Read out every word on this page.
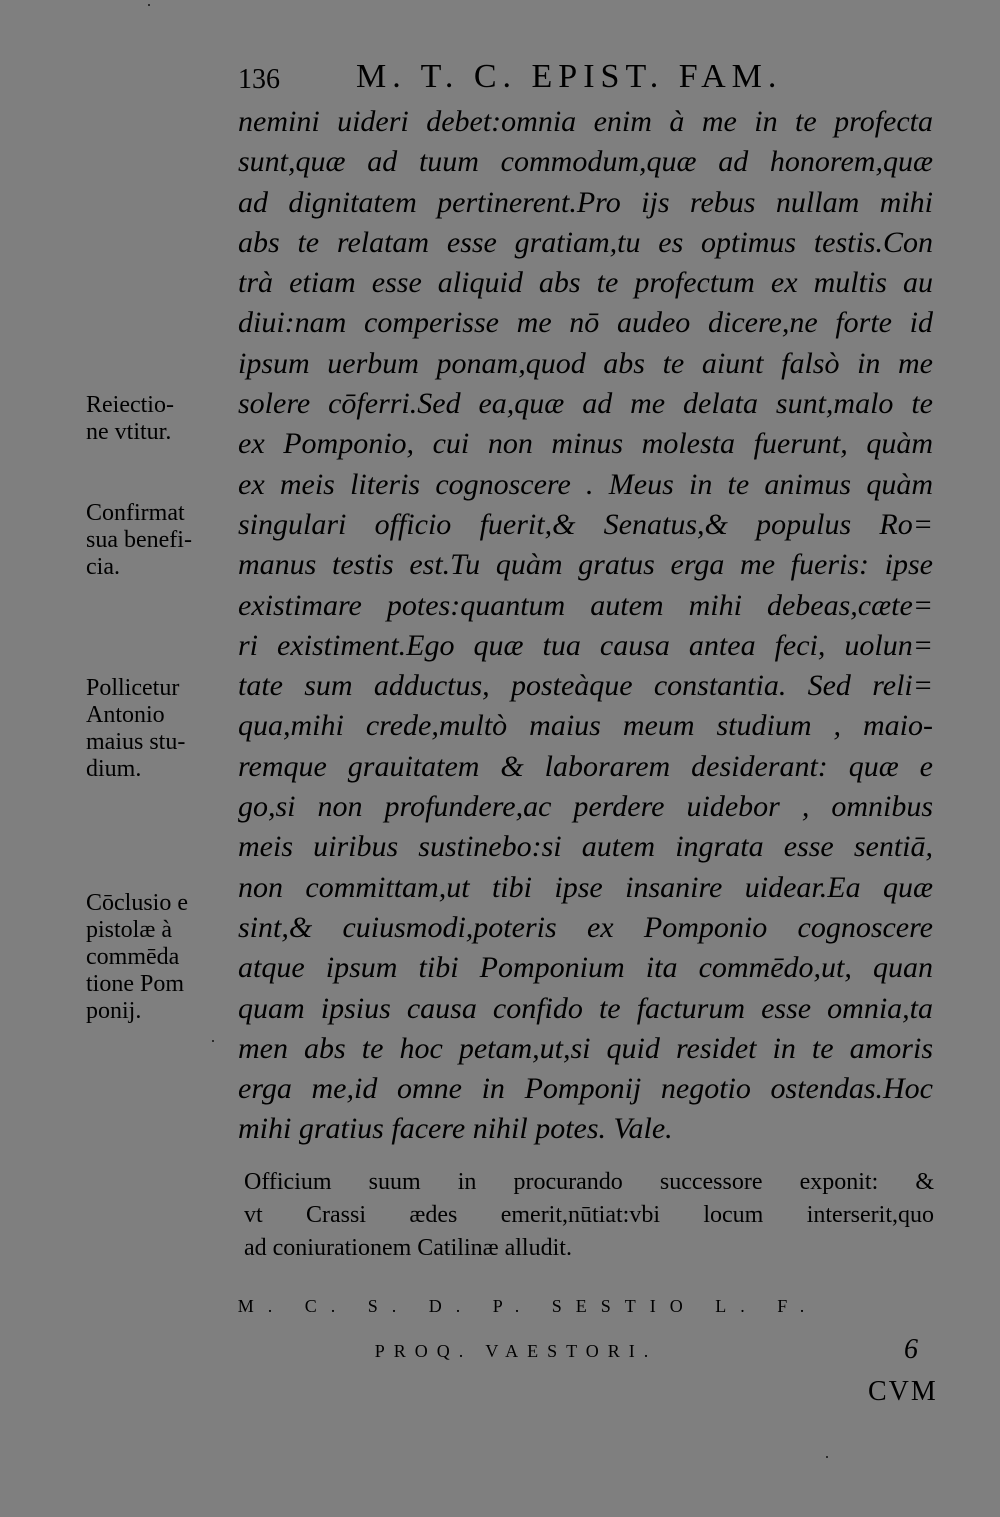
136 M. T. C. EPIST. FAM.
nemini uideri debet:omnia enim à me in te profecta
sunt,quæ ad tuum commodum,quæ ad honorem,quæ
ad dignitatem pertinerent.Pro ijs rebus nullam mihi
abs te relatam esse gratiam,tu es optimus testis.Con
trà etiam esse aliquid abs te profectum ex multis au
diui:nam comperisse me nō audeo dicere,ne forte id
ipsum uerbum ponam,quod abs te aiunt falsò in me
solere cōferri.Sed ea,quæ ad me delata sunt,malo te
ex Pomponio, cui non minus molesta fuerunt, quàm
ex meis literis cognoscere . Meus in te animus quàm
singulari officio fuerit,& Senatus,& populus Ro=
manus testis est.Tu quàm gratus erga me fueris: ipse
existimare potes:quantum autem mihi debeas,cæte=
ri existiment.Ego quæ tua causa antea feci, uolun=
tate sum adductus, posteàque constantia. Sed reli=
qua,mihi crede,multò maius meum studium , maio-
remque grauitatem & laborarem desiderant: quæ e
go,si non profundere,ac perdere uidebor , omnibus
meis uiribus sustinebo:si autem ingrata esse sentiā,
non committam,ut tibi ipse insanire uidear.Ea quæ
sint,& cuiusmodi,poteris ex Pomponio cognoscere
atque ipsum tibi Pomponium ita commēdo,ut, quan
quam ipsius causa confido te facturum esse omnia,ta
men abs te hoc petam,ut,si quid residet in te amoris
erga me,id omne in Pomponij negotio ostendas.Hoc
mihi gratius facere nihil potes. Vale.
Reiectio-
ne vtitur.
Confirmat
sua benefi-
cia.
Pollicetur
Antonio
maius stu-
dium.
Cōclusio e
pistolæ à
commēda
tione Pom
ponij.
Officium suum in procurando successore exponit: &
vt Crassi ædes emerit,nūtiat:vbi locum interserit,quo
ad coniurationem Catilinæ alludit.
M. C. S. D. P. SESTIO L. F.
PROQ. VAESTORI.	6
CVM
